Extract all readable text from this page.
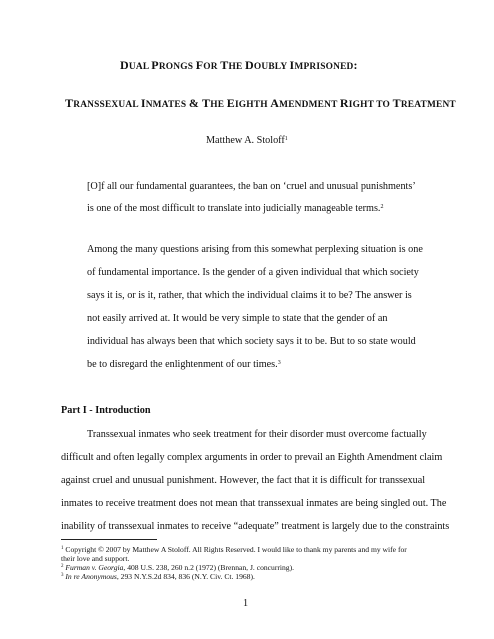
DUAL PRONGS FOR THE DOUBLY IMPRISONED:
TRANSSEXUAL INMATES & THE EIGHTH AMENDMENT RIGHT TO TREATMENT
Matthew A. Stoloff$^1$
[O]f all our fundamental guarantees, the ban on ‘cruel and unusual punishments’
is one of the most difficult to translate into judicially manageable terms.$^2$
Among the many questions arising from this somewhat perplexing situation is one
of fundamental importance. Is the gender of a given individual that which society
says it is, or is it, rather, that which the individual claims it to be? The answer is
not easily arrived at. It would be very simple to state that the gender of an
individual has always been that which society says it to be. But to so state would
be to disregard the enlightenment of our times.$^3$
Part I - Introduction
Transsexual inmates who seek treatment for their disorder must overcome factually
difficult and often legally complex arguments in order to prevail an Eighth Amendment claim
against cruel and unusual punishment. However, the fact that it is difficult for transsexual
inmates to receive treatment does not mean that transsexual inmates are being singled out. The
inability of transsexual inmates to receive “adequate” treatment is largely due to the constraints
$^1$ Copyright © 2007 by Matthew A Stoloff. All Rights Reserved. I would like to thank my parents and my wife for
their love and support.
$^2$ Furman v. Georgia, 408 U.S. 238, 260 n.2 (1972) (Brennan, J. concurring).
$^3$ In re Anonymous, 293 N.Y.S.2d 834, 836 (N.Y. Civ. Ct. 1968).
1
